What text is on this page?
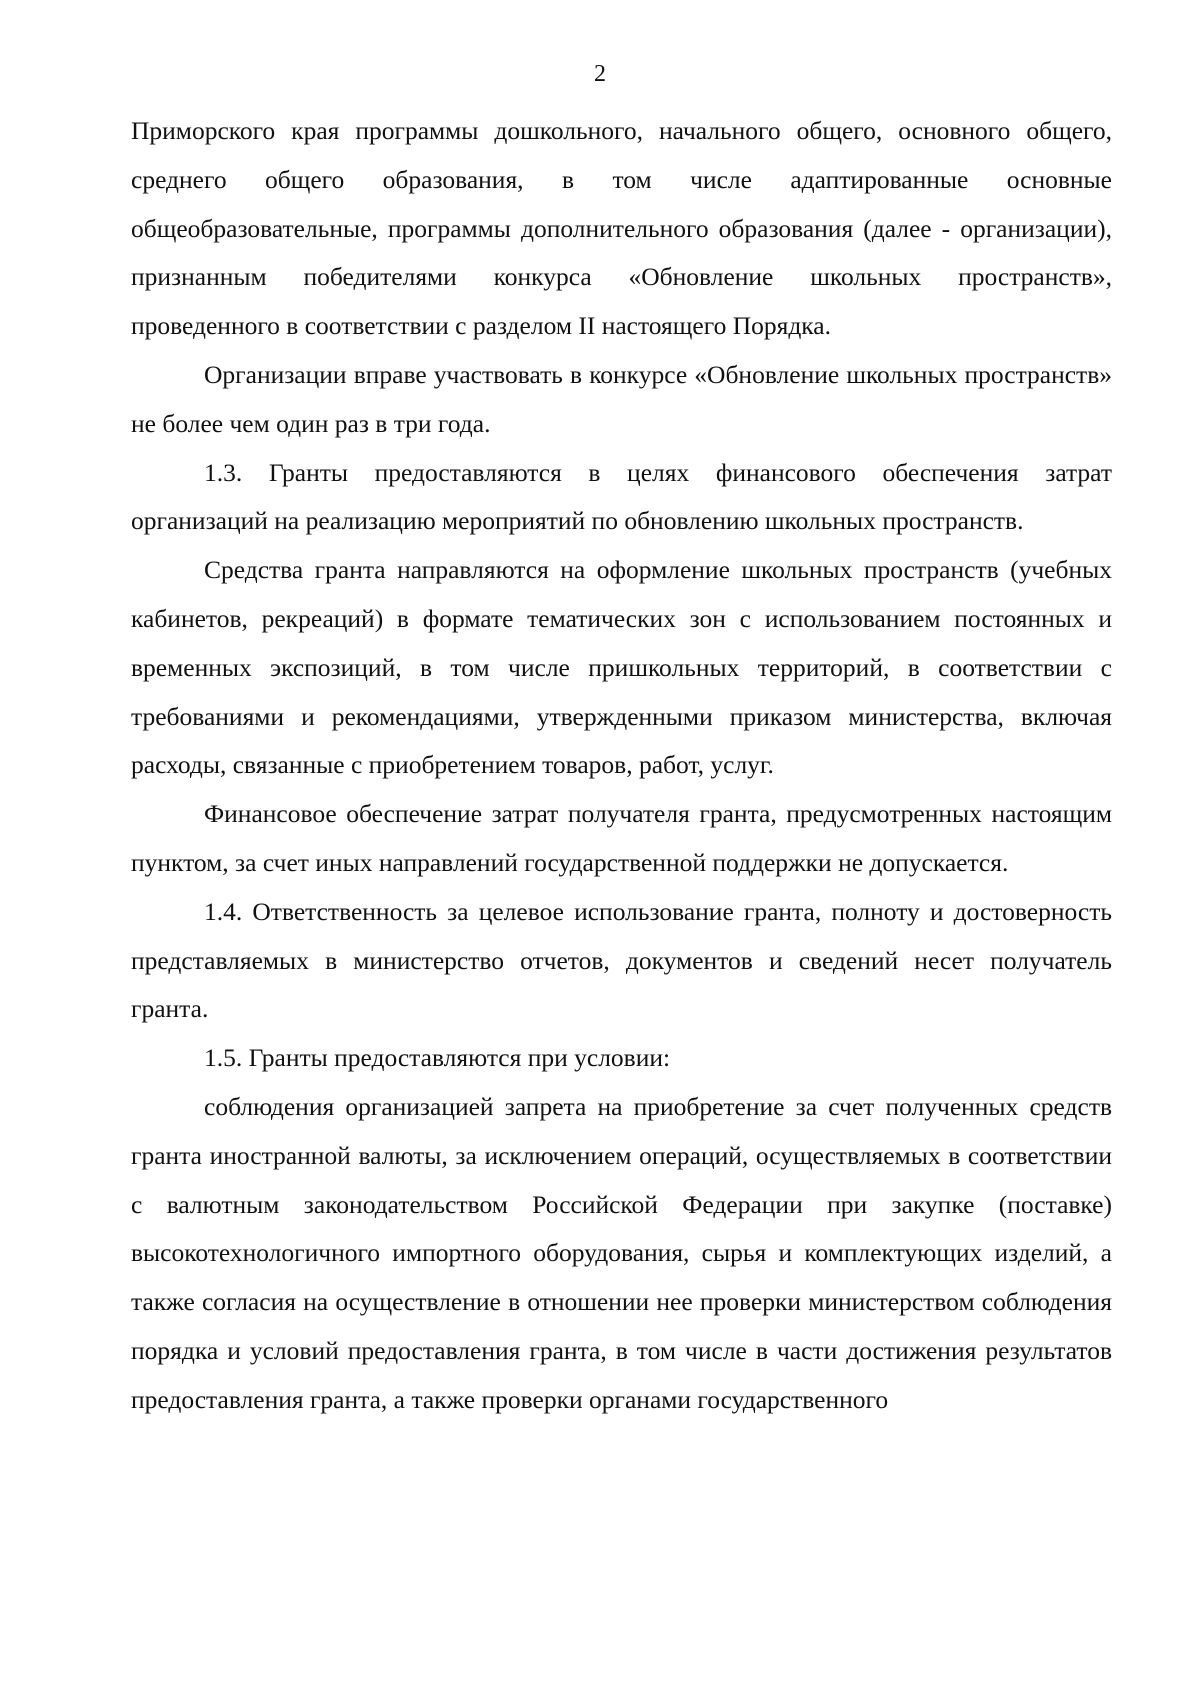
2

Приморского края программы дошкольного, начального общего, основного общего, среднего общего образования, в том числе адаптированные основные общеобразовательные, программы дополнительного образования (далее - организации), признанным победителями конкурса «Обновление школьных пространств», проведенного в соответствии с разделом II настоящего Порядка.

Организации вправе участвовать в конкурсе «Обновление школьных пространств» не более чем один раз в три года.

1.3. Гранты предоставляются в целях финансового обеспечения затрат организаций на реализацию мероприятий по обновлению школьных пространств.

Средства гранта направляются на оформление школьных пространств (учебных кабинетов, рекреаций) в формате тематических зон с использованием постоянных и временных экспозиций, в том числе пришкольных территорий, в соответствии с требованиями и рекомендациями, утвержденными приказом министерства, включая расходы, связанные с приобретением товаров, работ, услуг.

Финансовое обеспечение затрат получателя гранта, предусмотренных настоящим пунктом, за счет иных направлений государственной поддержки не допускается.

1.4. Ответственность за целевое использование гранта, полноту и достоверность представляемых в министерство отчетов, документов и сведений несет получатель гранта.

1.5. Гранты предоставляются при условии:

соблюдения организацией запрета на приобретение за счет полученных средств гранта иностранной валюты, за исключением операций, осуществляемых в соответствии с валютным законодательством Российской Федерации при закупке (поставке) высокотехнологичного импортного оборудования, сырья и комплектующих изделий, а также согласия на осуществление в отношении нее проверки министерством соблюдения порядка и условий предоставления гранта, в том числе в части достижения результатов предоставления гранта, а также проверки органами государственного
